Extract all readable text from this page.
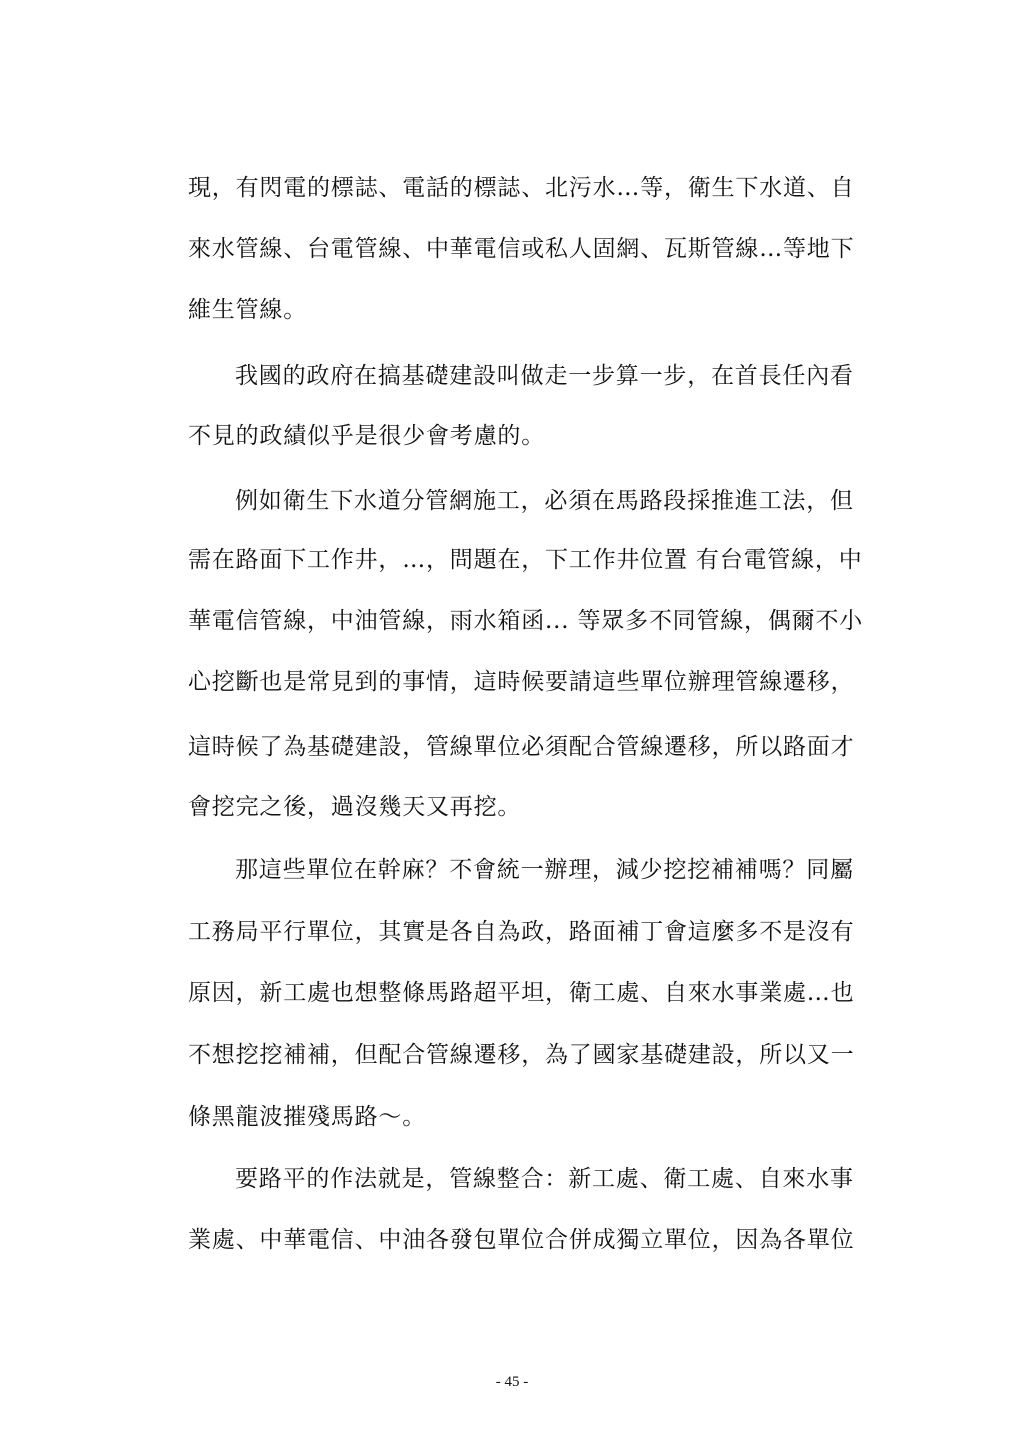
現，有閃電的標誌、電話的標誌、北污水…等，衛生下水道、自
來水管線、台電管線、中華電信或私人固網、瓦斯管線…等地下
維生管線。
我國的政府在搞基礎建設叫做走一步算一步，在首長任內看
不見的政績似乎是很少會考慮的。
例如衛生下水道分管網施工，必須在馬路段採推進工法，但
需在路面下工作井，…，問題在，下工作井位置 有台電管線，中
華電信管線，中油管線，雨水箱函... 等眾多不同管線，偶爾不小
心挖斷也是常見到的事情，這時候要請這些單位辦理管線遷移，
這時候了為基礎建設，管線單位必須配合管線遷移，所以路面才
會挖完之後，過沒幾天又再挖。
那這些單位在幹麻？不會統一辦理，減少挖挖補補嗎？同屬
工務局平行單位，其實是各自為政，路面補丁會這麼多不是沒有
原因，新工處也想整條馬路超平坦，衛工處、自來水事業處…也
不想挖挖補補，但配合管線遷移，為了國家基礎建設，所以又一
條黑龍波摧殘馬路～。
要路平的作法就是，管線整合：新工處、衛工處、自來水事
業處、中華電信、中油各發包單位合併成獨立單位，因為各單位
- 45 -
